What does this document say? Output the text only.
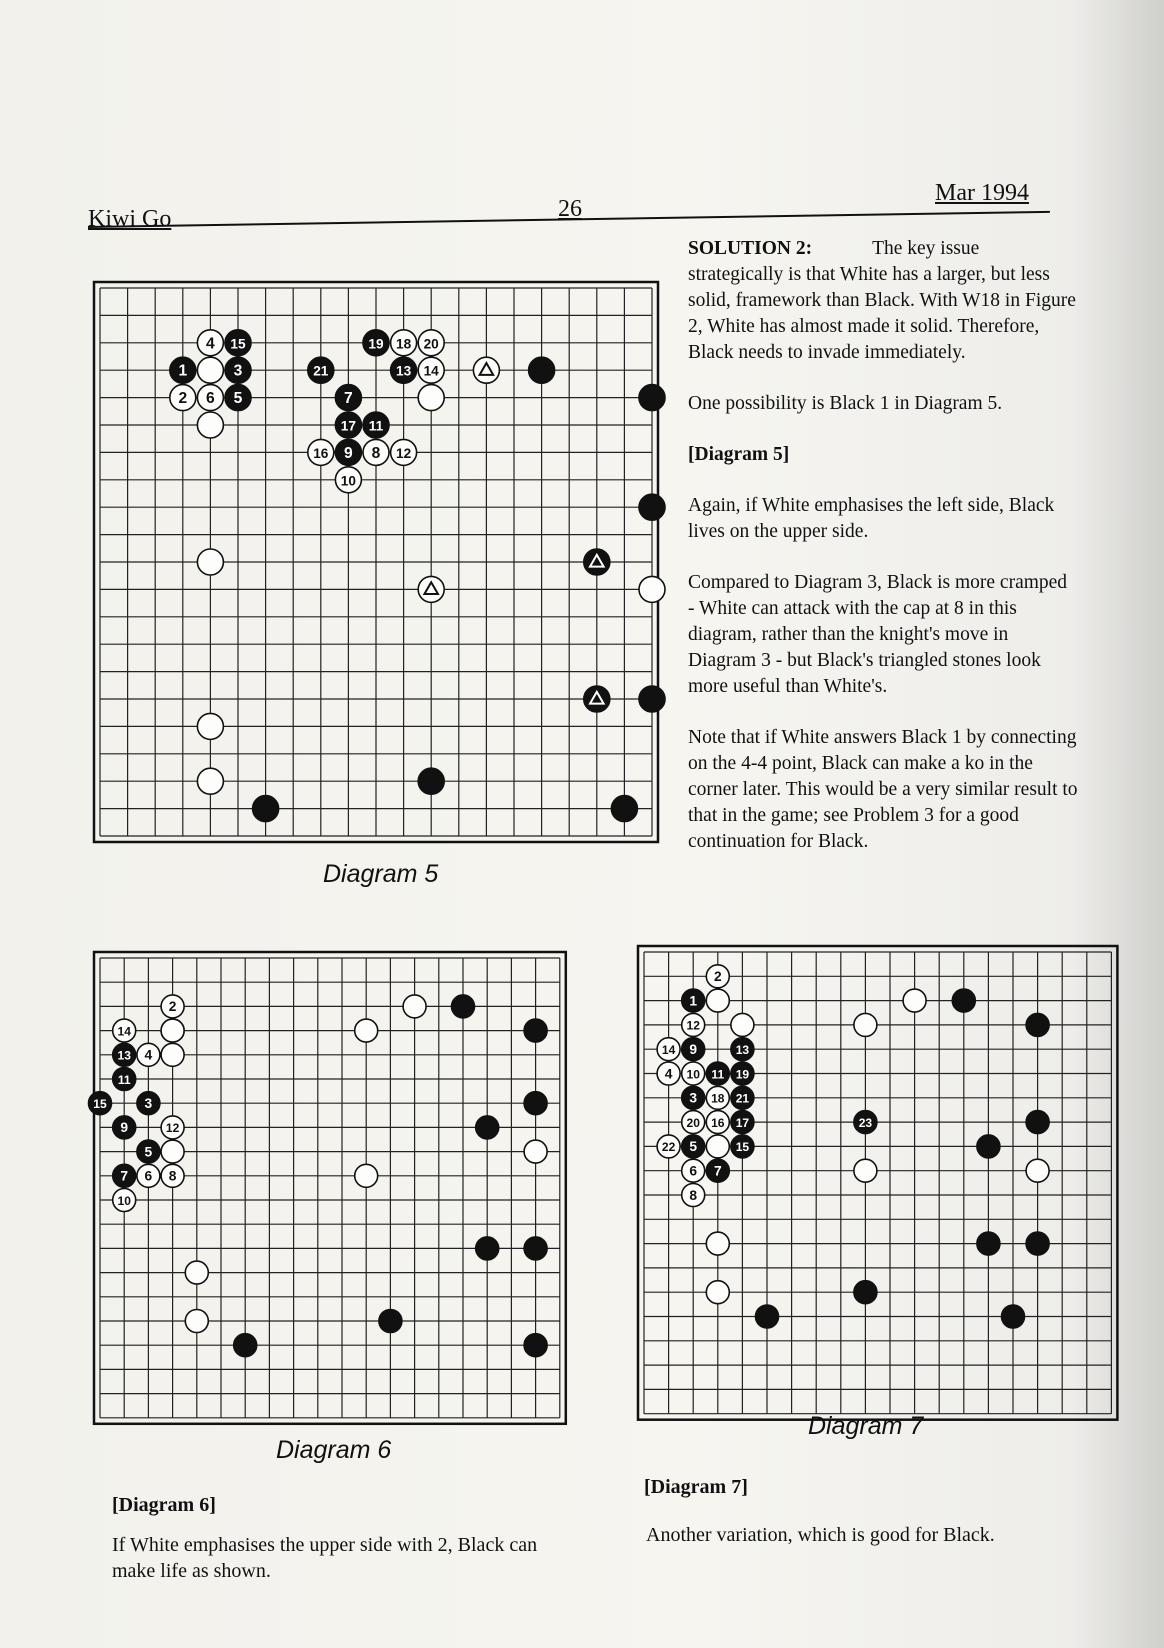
Kiwi Go	26
Mar 1994
1
2
3
4
5
6	7
8
9
10
11
12
13 14
15
16
17
18
19	20
21
Diagram 5

SOLUTION 2:	The key issue strategically is that White has a larger, but less solid, framework than Black. With W18 in Figure 2, White has almost made it solid. Therefore, Black needs to invade immediately.

One possibility is Black 1 in Diagram 5.

[Diagram 5]

Again, if White emphasises the left side, Black lives on the upper side.

Compared to Diagram 3, Black is more cramped - White can attack with the cap at 8 in this diagram, rather than the knight's move in Diagram 3 - but Black's triangled stones look more useful than White's.

Note that if White answers Black 1 by connecting on the 4-4 point, Black can make a ko in the corner later. This would be a very similar result to that in the game; see Problem 3 for a good continuation for Black.

2
3
4
5
6
7	8
9
10
11
12
13
14
15
Diagram 6
1
2
3
4
5
6 7
8
9
10 11
12
13
14
15
16 17
18
19
20
21
22
23
Diagram 7
[Diagram 6]
If White emphasises the upper side with 2, Black can make life as shown.
[Diagram 7]
Another variation, which is good for Black.
